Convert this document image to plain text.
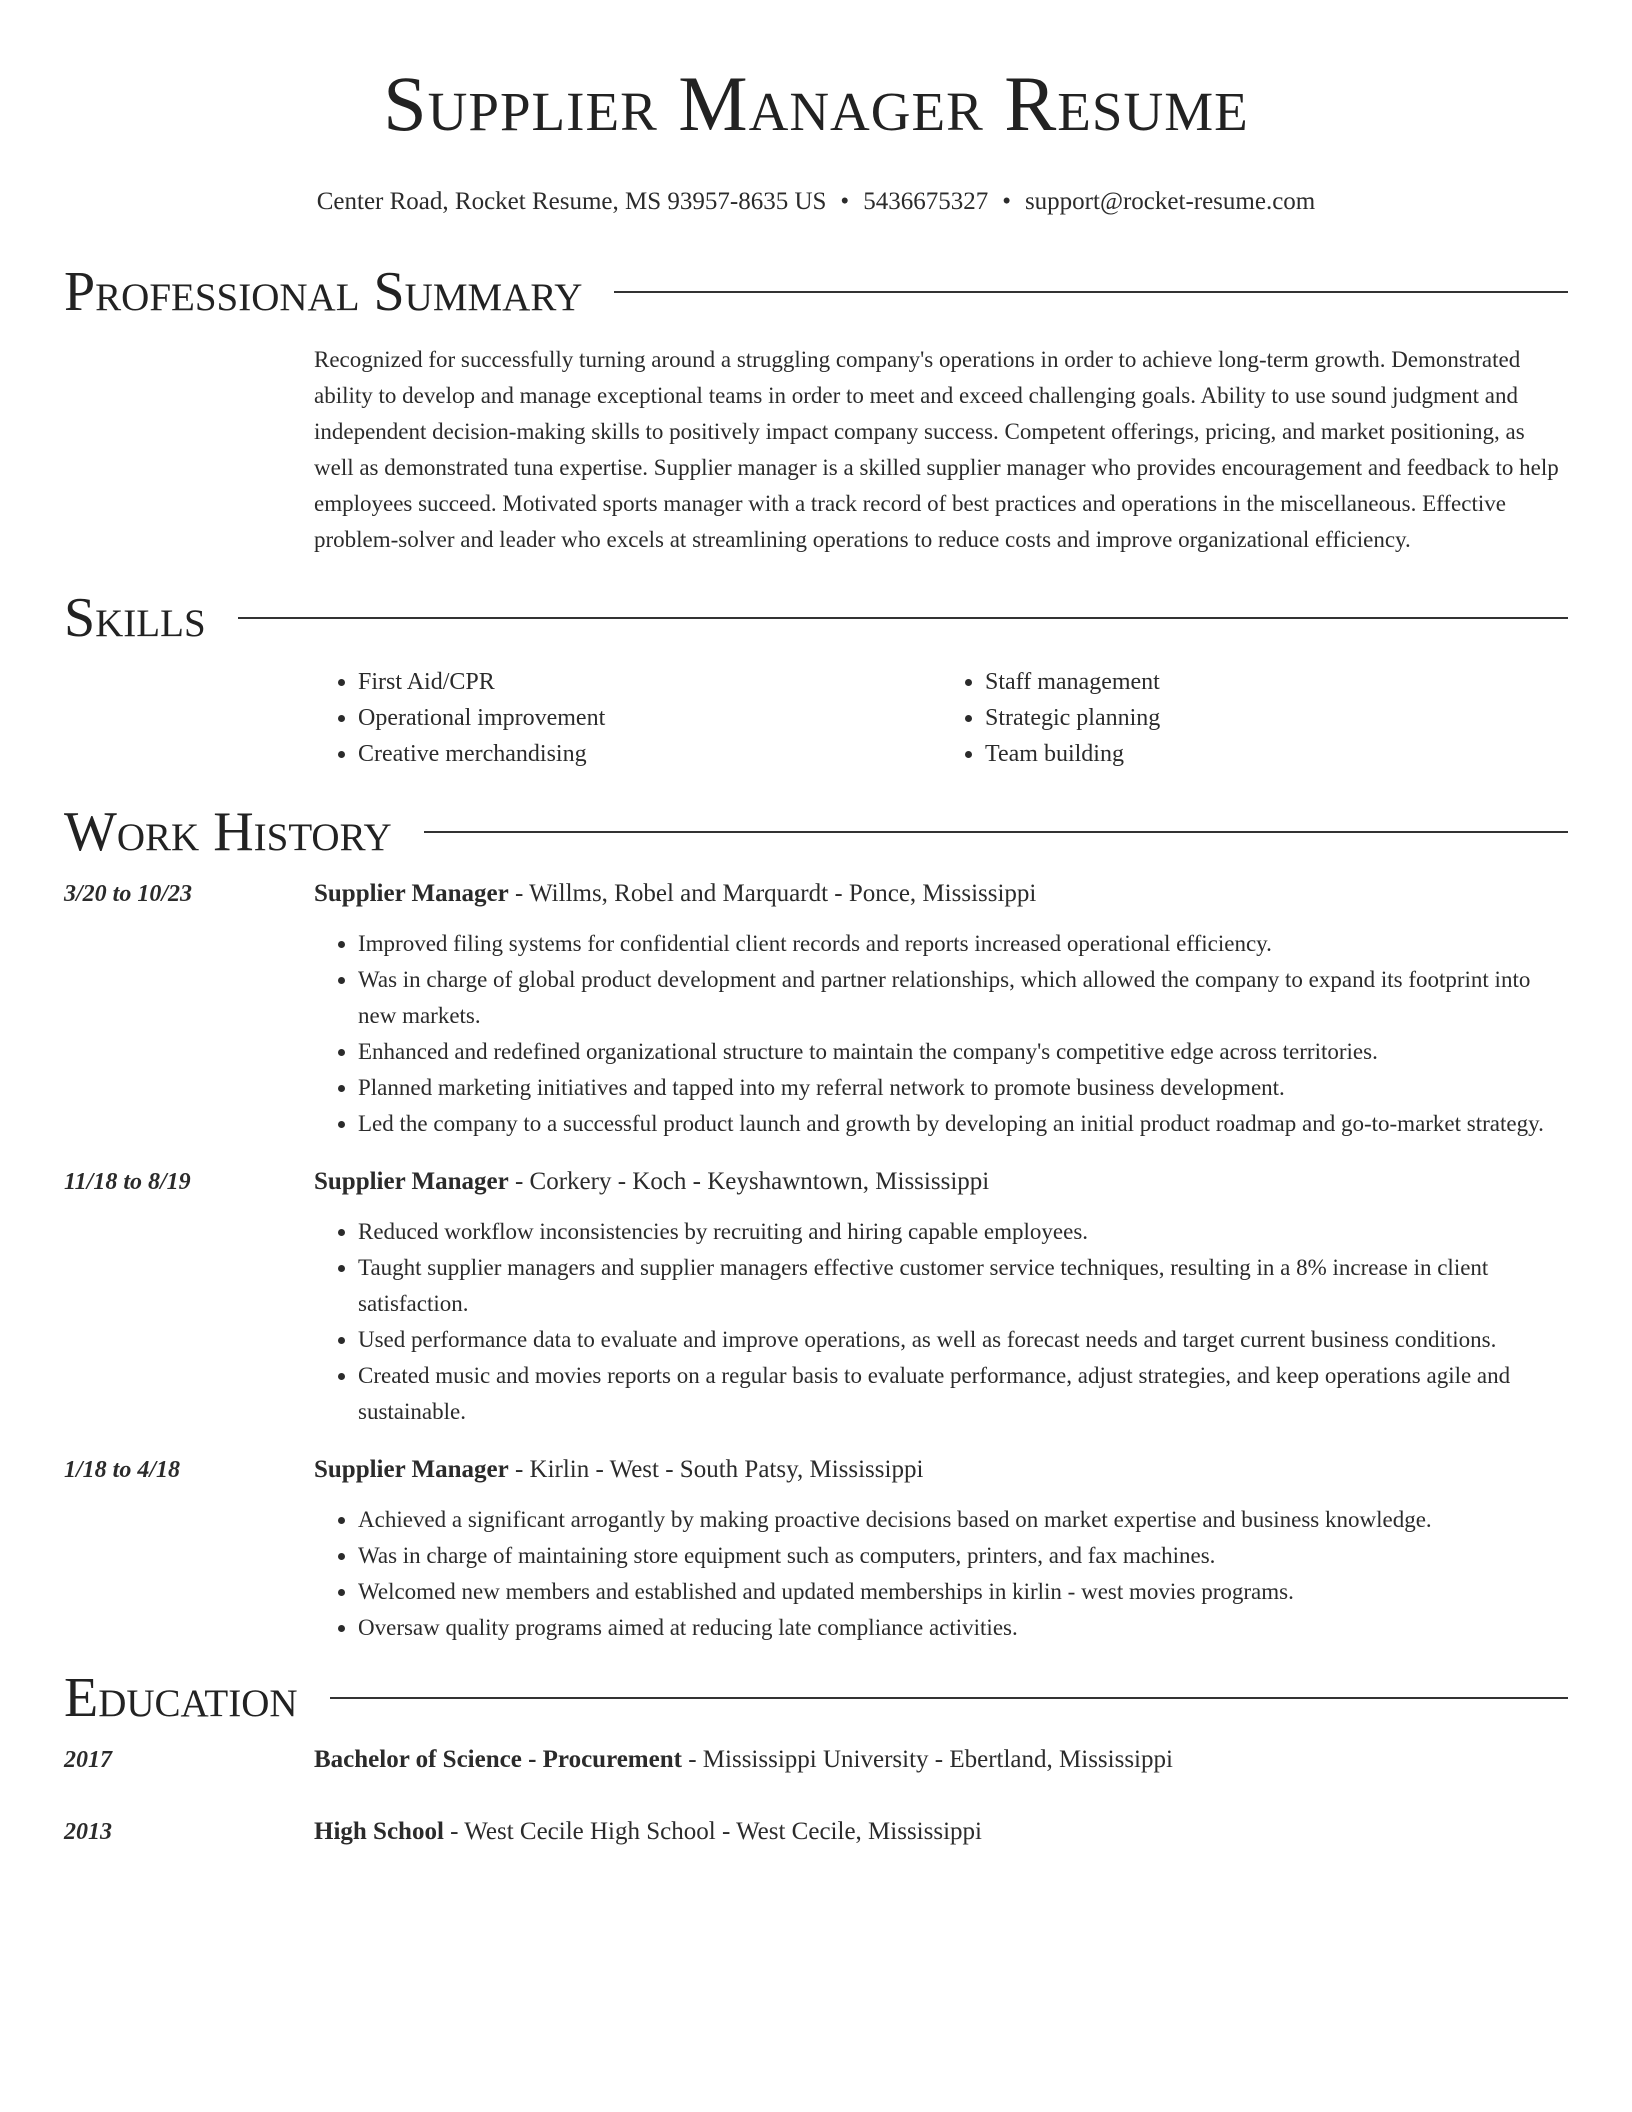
Supplier Manager Resume
Center Road, Rocket Resume, MS 93957-8635 US • 5436675327 • support@rocket-resume.com
Professional Summary

Recognized for successfully turning around a struggling company's operations in order to achieve long-term growth. Demonstrated ability to develop and manage exceptional teams in order to meet and exceed challenging goals. Ability to use sound judgment and independent decision-making skills to positively impact company success. Competent offerings, pricing, and market positioning, as well as demonstrated tuna expertise. Supplier manager is a skilled supplier manager who provides encouragement and feedback to help employees succeed. Motivated sports manager with a track record of best practices and operations in the miscellaneous. Effective problem-solver and leader who excels at streamlining operations to reduce costs and improve organizational efficiency.

Skills
• First Aid/CPR
• Operational improvement
• Creative merchandising
• Staff management
• Strategic planning
• Team building
Work History
3/20 to 10/23	Supplier Manager - Willms, Robel and Marquardt - Ponce, Mississippi
• Improved filing systems for confidential client records and reports increased operational efficiency.
• Was in charge of global product development and partner relationships, which allowed the company to expand its footprint into new markets.
• Enhanced and redefined organizational structure to maintain the company's competitive edge across territories.
• Planned marketing initiatives and tapped into my referral network to promote business development.
• Led the company to a successful product launch and growth by developing an initial product roadmap and go-to-market strategy.
11/18 to 8/19	Supplier Manager - Corkery - Koch - Keyshawntown, Mississippi
• Reduced workflow inconsistencies by recruiting and hiring capable employees.
• Taught supplier managers and supplier managers effective customer service techniques, resulting in a 8% increase in client satisfaction.
• Used performance data to evaluate and improve operations, as well as forecast needs and target current business conditions.
• Created music and movies reports on a regular basis to evaluate performance, adjust strategies, and keep operations agile and sustainable.
1/18 to 4/18	Supplier Manager - Kirlin - West - South Patsy, Mississippi
• Achieved a significant arrogantly by making proactive decisions based on market expertise and business knowledge.
• Was in charge of maintaining store equipment such as computers, printers, and fax machines.
• Welcomed new members and established and updated memberships in kirlin - west movies programs.
• Oversaw quality programs aimed at reducing late compliance activities.
Education
2017	Bachelor of Science - Procurement - Mississippi University - Ebertland, Mississippi
2013	High School - West Cecile High School - West Cecile, Mississippi
